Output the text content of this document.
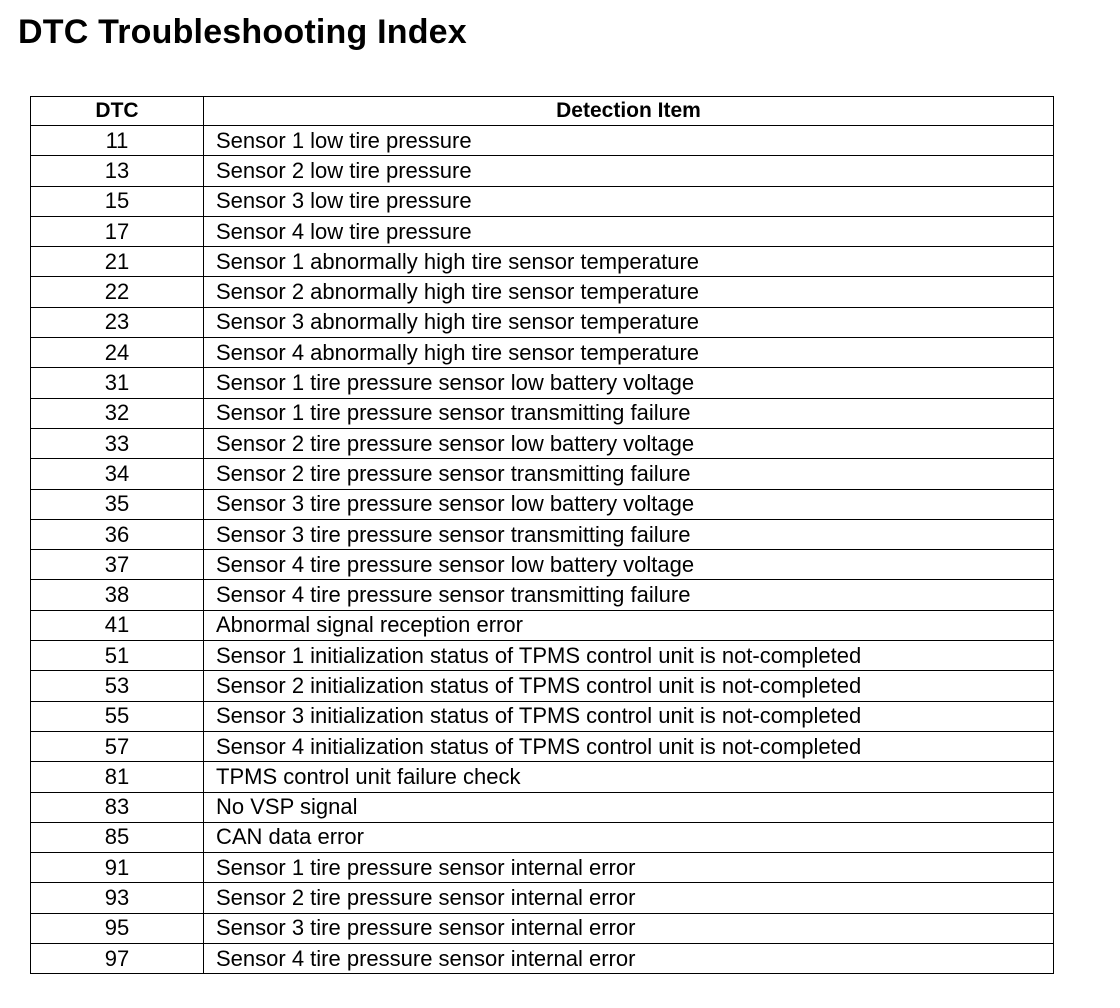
DTC Troubleshooting Index
DTC	Detection Item
11	Sensor 1 low tire pressure
13	Sensor 2 low tire pressure
15	Sensor 3 low tire pressure
17	Sensor 4 low tire pressure
21	Sensor 1 abnormally high tire sensor temperature
22	Sensor 2 abnormally high tire sensor temperature
23	Sensor 3 abnormally high tire sensor temperature
24	Sensor 4 abnormally high tire sensor temperature
31	Sensor 1 tire pressure sensor low battery voltage
32	Sensor 1 tire pressure sensor transmitting failure
33	Sensor 2 tire pressure sensor low battery voltage
34	Sensor 2 tire pressure sensor transmitting failure
35	Sensor 3 tire pressure sensor low battery voltage
36	Sensor 3 tire pressure sensor transmitting failure
37	Sensor 4 tire pressure sensor low battery voltage
38	Sensor 4 tire pressure sensor transmitting failure
41	Abnormal signal reception error
51	Sensor 1 initialization status of TPMS control unit is not-completed
53	Sensor 2 initialization status of TPMS control unit is not-completed
55	Sensor 3 initialization status of TPMS control unit is not-completed
57	Sensor 4 initialization status of TPMS control unit is not-completed
81	TPMS control unit failure check
83	No VSP signal
85	CAN data error
91	Sensor 1 tire pressure sensor internal error
93	Sensor 2 tire pressure sensor internal error
95	Sensor 3 tire pressure sensor internal error
97	Sensor 4 tire pressure sensor internal error
